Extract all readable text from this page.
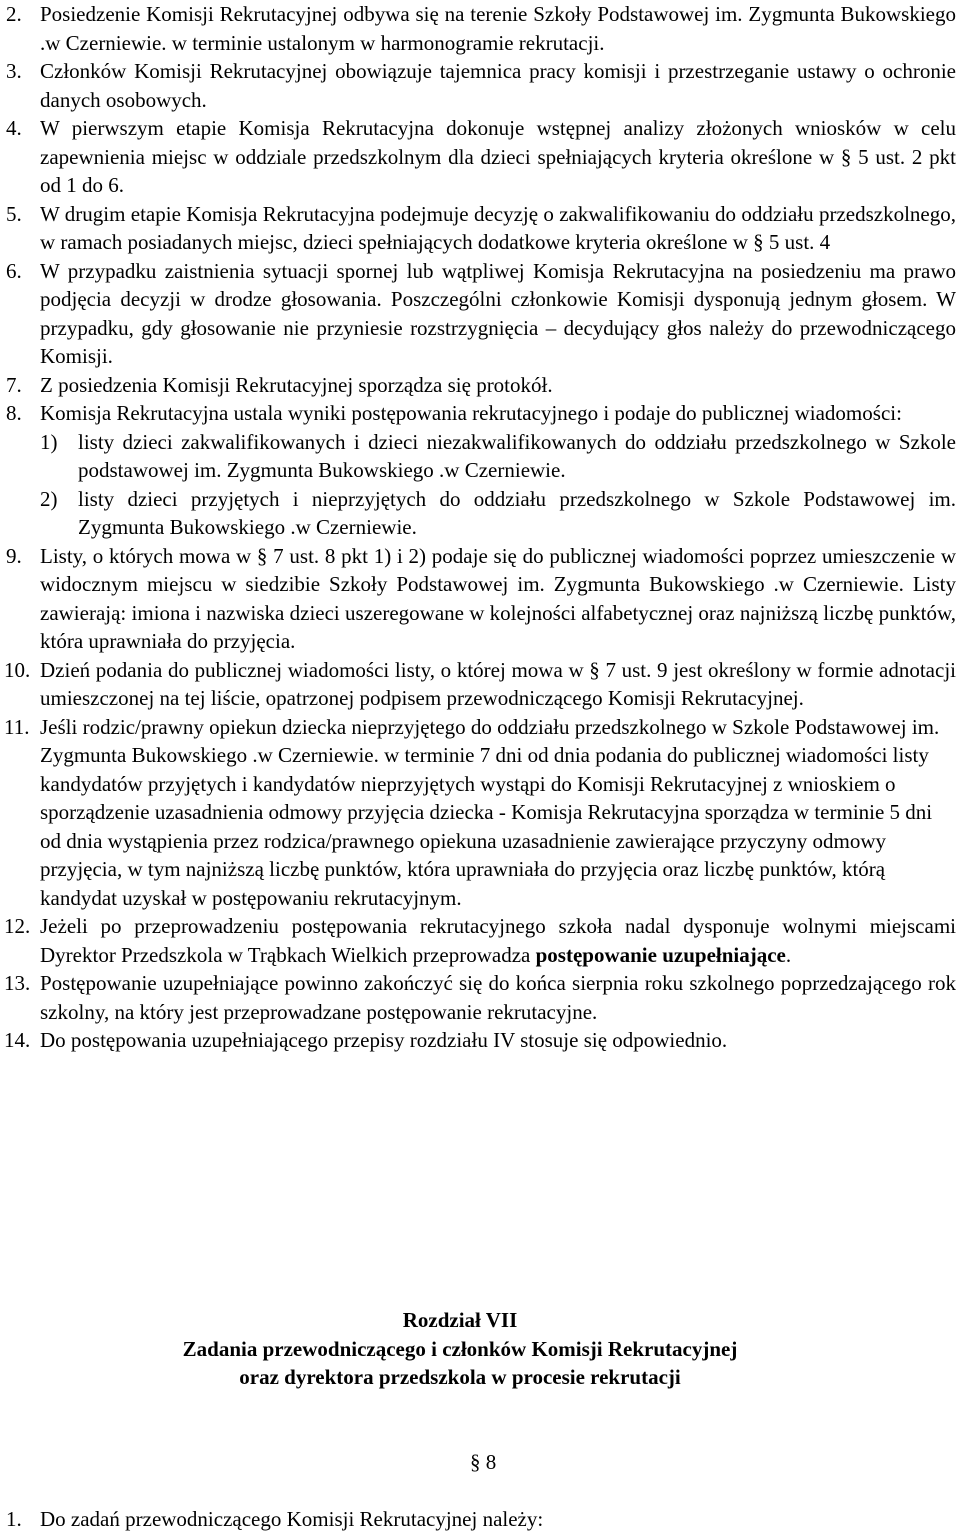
2. Posiedzenie Komisji Rekrutacyjnej odbywa się na terenie Szkoły Podstawowej im. Zygmunta Bukowskiego .w Czerniewie. w terminie ustalonym w harmonogramie rekrutacji.
3. Członków Komisji Rekrutacyjnej obowiązuje tajemnica pracy komisji i przestrzeganie ustawy o ochronie danych osobowych.
4. W pierwszym etapie Komisja Rekrutacyjna dokonuje wstępnej analizy złożonych wniosków w celu zapewnienia miejsc w oddziale przedszkolnym dla dzieci spełniających kryteria określone w § 5 ust. 2 pkt od 1 do 6.
5. W drugim etapie Komisja Rekrutacyjna podejmuje decyzję o zakwalifikowaniu do oddziału przedszkolnego, w ramach posiadanych miejsc, dzieci spełniających dodatkowe kryteria określone w § 5 ust. 4
6. W przypadku zaistnienia sytuacji spornej lub wątpliwej Komisja Rekrutacyjna na posiedzeniu ma prawo podjęcia decyzji w drodze głosowania. Poszczególni członkowie Komisji dysponują jednym głosem. W przypadku, gdy głosowanie nie przyniesie rozstrzygnięcia – decydujący głos należy do przewodniczącego Komisji.
7. Z posiedzenia Komisji Rekrutacyjnej sporządza się protokół.
8. Komisja Rekrutacyjna ustala wyniki postępowania rekrutacyjnego i podaje do publicznej wiadomości:
1) listy dzieci zakwalifikowanych i dzieci niezakwalifikowanych do oddziału przedszkolnego w Szkole podstawowej im. Zygmunta Bukowskiego .w Czerniewie.
2) listy dzieci przyjętych i nieprzyjętych do oddziału przedszkolnego w Szkole Podstawowej im. Zygmunta Bukowskiego .w Czerniewie.
9. Listy, o których mowa w § 7 ust. 8 pkt 1) i 2) podaje się do publicznej wiadomości poprzez umieszczenie w widocznym miejscu w siedzibie Szkoły Podstawowej im. Zygmunta Bukowskiego .w Czerniewie. Listy zawierają: imiona i nazwiska dzieci uszeregowane w kolejności alfabetycznej oraz najniższą liczbę punktów, która uprawniała do przyjęcia.
10. Dzień podania do publicznej wiadomości listy, o której mowa w § 7 ust. 9 jest określony w formie adnotacji umieszczonej na tej liście, opatrzonej podpisem przewodniczącego Komisji Rekrutacyjnej.
11. Jeśli rodzic/prawny opiekun dziecka nieprzyjętego do oddziału przedszkolnego w Szkole Podstawowej im. Zygmunta Bukowskiego .w Czerniewie. w terminie 7 dni od dnia podania do publicznej wiadomości listy kandydatów przyjętych i kandydatów nieprzyjętych wystąpi do Komisji Rekrutacyjnej z wnioskiem o sporządzenie uzasadnienia odmowy przyjęcia dziecka - Komisja Rekrutacyjna sporządza w terminie 5 dni od dnia wystąpienia przez rodzica/prawnego opiekuna uzasadnienie zawierające przyczyny odmowy przyjęcia, w tym najniższą liczbę punktów, która uprawniała do przyjęcia oraz liczbę punktów, którą kandydat uzyskał w postępowaniu rekrutacyjnym.
12. Jeżeli po przeprowadzeniu postępowania rekrutacyjnego szkoła nadal dysponuje wolnymi miejscami Dyrektor Przedszkola w Trąbkach Wielkich przeprowadza postępowanie uzupełniające.
13. Postępowanie uzupełniające powinno zakończyć się do końca sierpnia roku szkolnego poprzedzającego rok szkolny, na który jest przeprowadzane postępowanie rekrutacyjne.
14. Do postępowania uzupełniającego przepisy rozdziału IV stosuje się odpowiednio.
Rozdział VII
Zadania przewodniczącego i członków Komisji Rekrutacyjnej
oraz dyrektora przedszkola w procesie rekrutacji
§ 8
1. Do zadań przewodniczącego Komisji Rekrutacyjnej należy:
